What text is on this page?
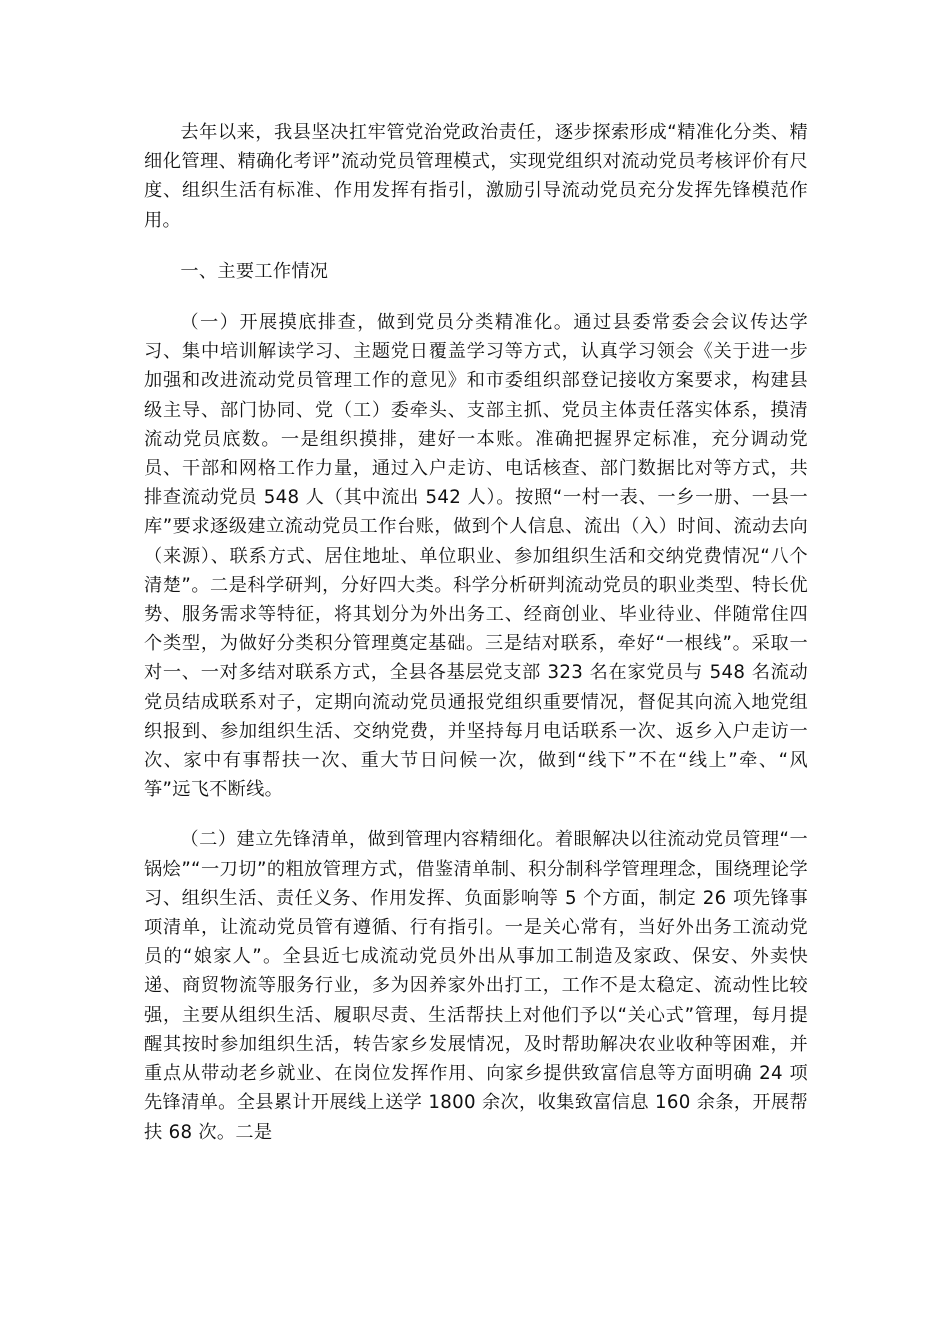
去年以来，我县坚决扛牢管党治党政治责任，逐步探索形成“精准化分类、精细化管理、精确化考评”流动党员管理模式，实现党组织对流动党员考核评价有尺度、组织生活有标准、作用发挥有指引，激励引导流动党员充分发挥先锋模范作用。

一、主要工作情况

（一）开展摸底排查，做到党员分类精准化。通过县委常委会会议传达学习、集中培训解读学习、主题党日覆盖学习等方式，认真学习领会《关于进一步加强和改进流动党员管理工作的意见》和市委组织部登记接收方案要求，构建县级主导、部门协同、党（工）委牵头、支部主抓、党员主体责任落实体系，摸清流动党员底数。一是组织摸排，建好一本账。准确把握界定标准，充分调动党员、干部和网格工作力量，通过入户走访、电话核查、部门数据比对等方式，共排查流动党员 548 人（其中流出 542 人）。按照“一村一表、一乡一册、一县一库”要求逐级建立流动党员工作台账，做到个人信息、流出（入）时间、流动去向（来源）、联系方式、居住地址、单位职业、参加组织生活和交纳党费情况“八个清楚”。二是科学研判，分好四大类。科学分析研判流动党员的职业类型、特长优势、服务需求等特征，将其划分为外出务工、经商创业、毕业待业、伴随常住四个类型，为做好分类积分管理奠定基础。三是结对联系，牵好“一根线”。采取一对一、一对多结对联系方式，全县各基层党支部 323 名在家党员与 548 名流动党员结成联系对子，定期向流动党员通报党组织重要情况，督促其向流入地党组织报到、参加组织生活、交纳党费，并坚持每月电话联系一次、返乡入户走访一次、家中有事帮扶一次、重大节日问候一次，做到“线下”不在“线上”牵、“风筝”远飞不断线。

（二）建立先锋清单，做到管理内容精细化。着眼解决以往流动党员管理“一锅烩”“一刀切”的粗放管理方式，借鉴清单制、积分制科学管理理念，围绕理论学习、组织生活、责任义务、作用发挥、负面影响等 5 个方面，制定 26 项先锋事项清单，让流动党员管有遵循、行有指引。一是关心常有，当好外出务工流动党员的“娘家人”。全县近七成流动党员外出从事加工制造及家政、保安、外卖快递、商贸物流等服务行业，多为因养家外出打工，工作不是太稳定、流动性比较强，主要从组织生活、履职尽责、生活帮扶上对他们予以“关心式”管理，每月提醒其按时参加组织生活，转告家乡发展情况，及时帮助解决农业收种等困难，并重点从带动老乡就业、在岗位发挥作用、向家乡提供致富信息等方面明确 24 项先锋清单。全县累计开展线上送学 1800 余次，收集致富信息 160 余条，开展帮扶 68 次。二是
